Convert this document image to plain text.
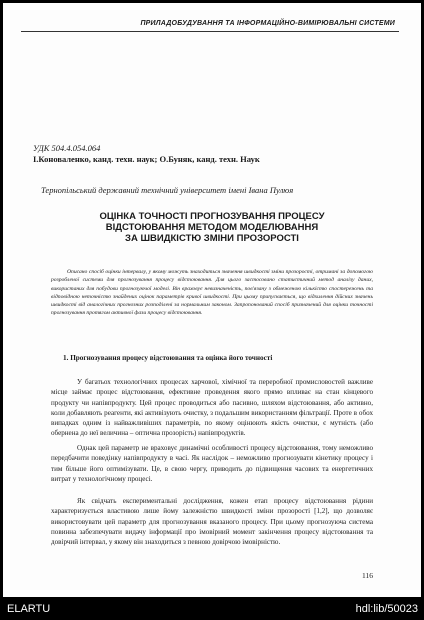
ПРИЛАДОБУДУВАННЯ ТА ІНФОРМАЦІЙНО-ВИМІРЮВАЛЬНІ СИСТЕМИ
УДК 504.4.054.064
І.Коноваленко, канд. техн. наук; О.Буняк, канд. техн. Наук
Тернопільський державний технічний університет імені Івана Пулюя
ОЦІНКА ТОЧНОСТІ ПРОГНОЗУВАННЯ ПРОЦЕСУ
ВІДСТОЮВАННЯ МЕТОДОМ МОДЕЛЮВАННЯ
ЗА ШВИДКІСТЮ ЗМІНИ ПРОЗОРОСТІ
Описано спосіб оцінки інтервалу, у якому можуть знаходиться значення швидкості зміни прозорості, отримані за допомогою розробленої системи для прогнозування процесу відстоювання. Для цього застосовано статистичний метод аналізу даних, використаних для побудови прогнозуючої моделі. Він враховує невизначеність, пов'язану з обмеженою кількістю спостережень та відповідною неточністю знайдених оцінок параметрів кривої швидкості. При цьому припускається, що відхилення дійсних значень швидкості від аналогічних прогнозних розподілені за нормальним законом. Запропонований спосіб призначений для оцінки точності прогнозування протягом активної фази процесу відстоювання.
1. Прогнозування процесу відстоювання та оцінка його точності

У багатьох технологічних процесах харчової, хімічної та переробної промисловостей важливе місце займає процес відстоювання, ефективне проведення якого прямо впливає на стан кінцевого продукту чи напівпродукту. Цей процес проводиться або пасивно, шляхом відстоювання, або активно, коли добавляють реагенти, які активізують очистку, з подальшим використанням фільтрації. Проте в обох випадках одним із найважливіших параметрів, по якому оцінюють якість очистки, є мутність (або обернена до неї величина – оптична прозорість) напівпродуктів.

Однак цей параметр не враховує динамічні особливості процесу відстоювання, тому неможливо передбачити поведінку напівпродукту в часі. Як наслідок – неможливо прогнозувати кінетику процесу і тим більше його оптимізувати. Це, в свою чергу, приводить до підвищення часових та енергетичних витрат у технологічному процесі.

Як свідчать експериментальні дослідження, кожен етап процесу відстоювання рідини характеризується властивою лише йому залежністю швидкості зміни прозорості [1,2], що дозволяє використовувати цей параметр для прогнозування вказаного процесу. При цьому прогнозуюча система повинна забезпечувати видачу інформації про імовірний момент закінчення процесу відстоювання та довірчий інтервал, у якому він знаходиться з певною довірчою імовірністю.

116
ELARTU	hdl:lib/50023
